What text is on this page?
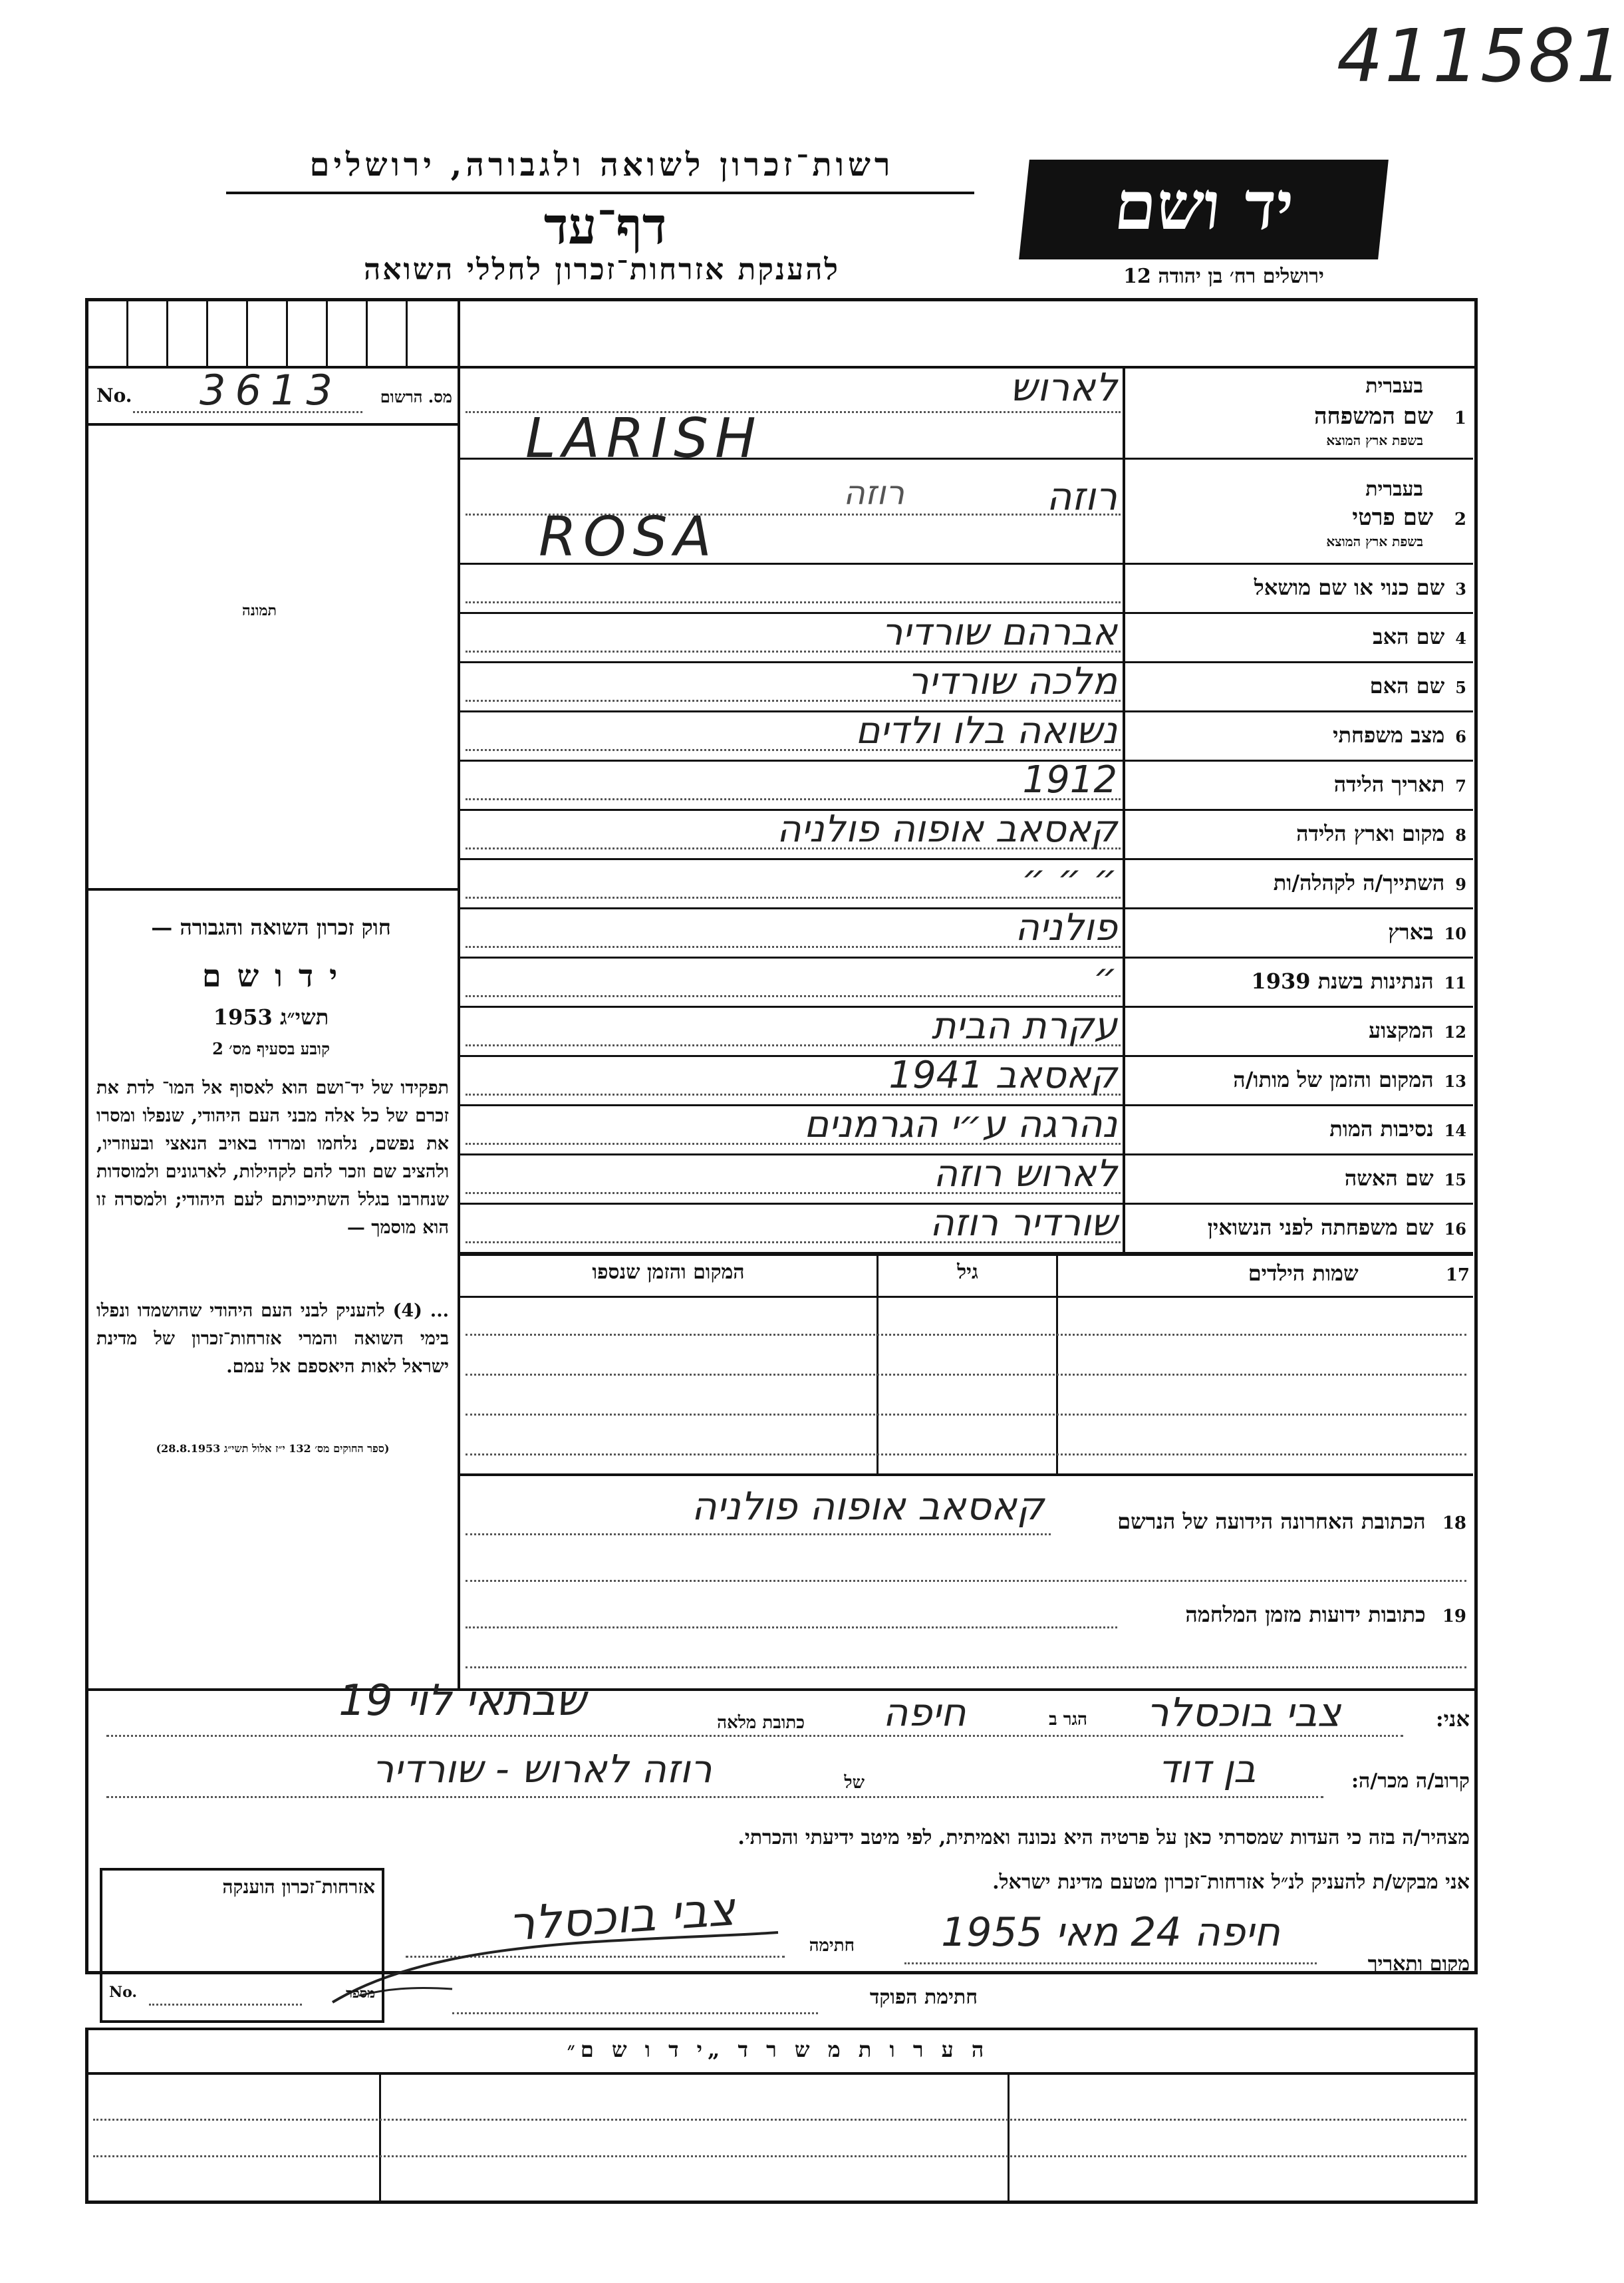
411581
רשות־זכרון לשואה ולגבורה, ירושלים
דף־עד
להענקת אזרחות־זכרון לחללי השואה
יד ושם
ירושלים רח׳ בן יהודה 12
No. 3613	מס. הרשום
תמונה
חוק זכרון השואה והגבורה —
י ד ו ש ם
תשי״ג 1953
קובע בסעיף מס׳ 2
תפקידו של יד־ושם הוא לאסוף אל המו־ לדת את זכרם של כל אלה מבני העם היהודי, שנפלו ומסרו את נפשם, נלחמו ומרדו באויב הנאצי ובעוזריו, ולהציב שם וזכר להם לקהילות, לארגונים ולמוסדות שנחרבו בגלל השתייכותם לעם היהודי; ולמסרה זו הוא מוסמך —
... (4) להעניק לבני העם היהודי שהושמדו ונפלו בימי השואה והמרי אזרחות־זכרון של מדינת ישראל לאות היאספם אל עמם.
(ספר החוקים מס׳ 132 י״ז אלול תשי״ג 28.8.1953)
בעברית
1 שם המשפחה
בשפת ארץ המוצא
לארוש
LARISH
בעברית
2 שם פרטי
בשפת ארץ המוצא
רוזה
רוזה
ROSA
3שם כנוי או שם מושאל
4שם האב
אברהם שורדיר
5שם האם
מלכה שורדיר
6מצב משפחתי
נשואה בלו ולדים
7תאריך הלידה
1912
8מקום וארץ הלידה
קאסאב אופוה פולניה
9השתייך/ה לקהלה/ות
״ ״ ״
10בארץ
פולניה
11הנתינות בשנת 1939
״
12המקצוע
עקרת הבית
13המקום והזמן של מותו/ה
קאסאב 1941
14נסיבות המות
נהרגה ע״י הגרמנים
15שם האשה
לארוש רוזה
16שם משפחתה לפני הנשואין
שורדיר רוזה
17 שמות הילדים
גיל
המקום והזמן שנספו
18 הכתובת האחרונה הידועה של הנרשם
קאסאב אופוה פולניה
19 כתובות ידועות מזמן המלחמה
אני:
צבי בוכסלר
הגר ב
חיפה
כתובת מלאה
שבתאי לוי 19
קרוב/ה מכר/ה:
בן דוד
של
רוזה לארוש - שורדיר
מצהיר/ה בזה כי העדות שמסרתי כאן על פרטיה היא נכונה ואמיתית, לפי מיטב ידיעתי והכרתי.
אני מבקש/ת להעניק לנ״ל אזרחות־זכרון מטעם מדינת ישראל.
מקום ותאריך
חיפה 24 מאי 1955
חתימה
צבי בוכסלר
חתימת הפוקד
אזרחות־זכרון הוענקה
No.	מספר
ה ע ר ו ת מ ש ר ד „י ד ו ש ם״
